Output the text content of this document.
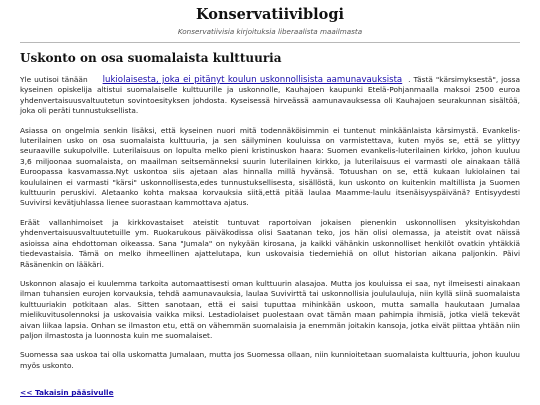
Konservatiiviblogi
Konservatiivisia kirjoituksia liberaalista maailmasta
Uskonto on osa suomalaista kulttuuria

Yle uutisoi tänään lukiolaisesta, joka ei pitänyt koulun uskonnollisista aamunavauksista . Tästä "kärsimyksestä", jossa kyseinen opiskelija altistui suomalaiselle kulttuurille ja uskonnolle, Kauhajoen kaupunki Etelä-Pohjanmaalla maksoi 2500 euroa yhdenvertaisuusvaltuutetun sovintoesityksen johdosta. Kyseisessä hirveässä aamunavauksessa oli Kauhajoen seurakunnan sisältöä, joka oli peräti tunnustuksellista.

Asiassa on ongelmia senkin lisäksi, että kyseinen nuori mitä todennäköisimmin ei tuntenut minkäänlaista kärsimystä. Evankelis-luterilainen usko on osa suomalaista kulttuuria, ja sen säilyminen kouluissa on varmistettava, kuten myös se, että se ylittyy seuraaville sukupolville. Luterilaisuus on lopulta melko pieni kristinuskon haara: Suomen evankelis-luterilainen kirkko, johon kuuluu 3,6 miljoonaa suomalaista, on maailman seitsemänneksi suurin luterilainen kirkko, ja luterilaisuus ei varmasti ole ainakaan tällä Euroopassa kasvamassa.Nyt uskontoa siis ajetaan alas hinnalla millä hyvänsä. Totuushan on se, että kukaan lukiolainen tai koululainen ei varmasti "kärsi" uskonnollisesta,edes tunnustuksellisesta, sisällöstä, kun uskonto on kuitenkin maltillista ja Suomen kulttuurin peruskivi. Aletaanko kohta maksaa korvauksia siitä,että pitää laulaa Maamme-laulu itsenäisyyspäivänä? Entisyydesti Suvivirsi kevätjuhlassa lienee suorastaan kammottava ajatus.

Eräät vallanhimoiset ja kirkkovastaiset ateistit tuntuvat raportoivan jokaisen pienenkin uskonnollisen yksityiskohdan yhdenvertaisuusvaltuutetuille ym. Ruokarukous päiväkodissa olisi Saatanan teko, jos hän olisi olemassa, ja ateistit ovat näissä asioissa aina ehdottoman oikeassa. Sana "Jumala" on nykyään kirosana, ja kaikki vähänkin uskonnolliset henkilöt ovatkin yhtäkkiä tiedevastaisia. Tämä on melko ihmeellinen ajattelutapa, kun uskovaisia tiedemiehiä on ollut historian aikana paljonkin. Päivi Räsänenkin on lääkäri.

Uskonnon alasajo ei kuulemma tarkoita automaattisesti oman kulttuurin alasajoa. Mutta jos kouluissa ei saa, nyt ilmeisesti ainakaan ilman tuhansien eurojen korvauksia, tehdä aamunavauksia, laulaa Suvivirttä tai uskonnollisia joululauluja, niin kyllä siinä suomalaista kulttuuriakin potkitaan alas. Sitten sanotaan, että ei saisi tuputtaa mihinkään uskoon, mutta samalla haukutaan Jumalaa mielikuvitusolennoksi ja uskovaisia vaikka miksi. Lestadiolaiset puolestaan ovat tämän maan pahimpia ihmisiä, jotka vielä tekevät aivan liikaa lapsia. Onhan se ilmaston etu, että on vähemmän suomalaisia ja enemmän joitakin kansoja, jotka eivät piittaa yhtään niin paljon ilmastosta ja luonnosta kuin me suomalaiset.

Suomessa saa uskoa tai olla uskomatta Jumalaan, mutta jos Suomessa ollaan, niin kunnioitetaan suomalaista kulttuuria, johon kuuluu myös uskonto.

<< Takaisin pääsivulle
